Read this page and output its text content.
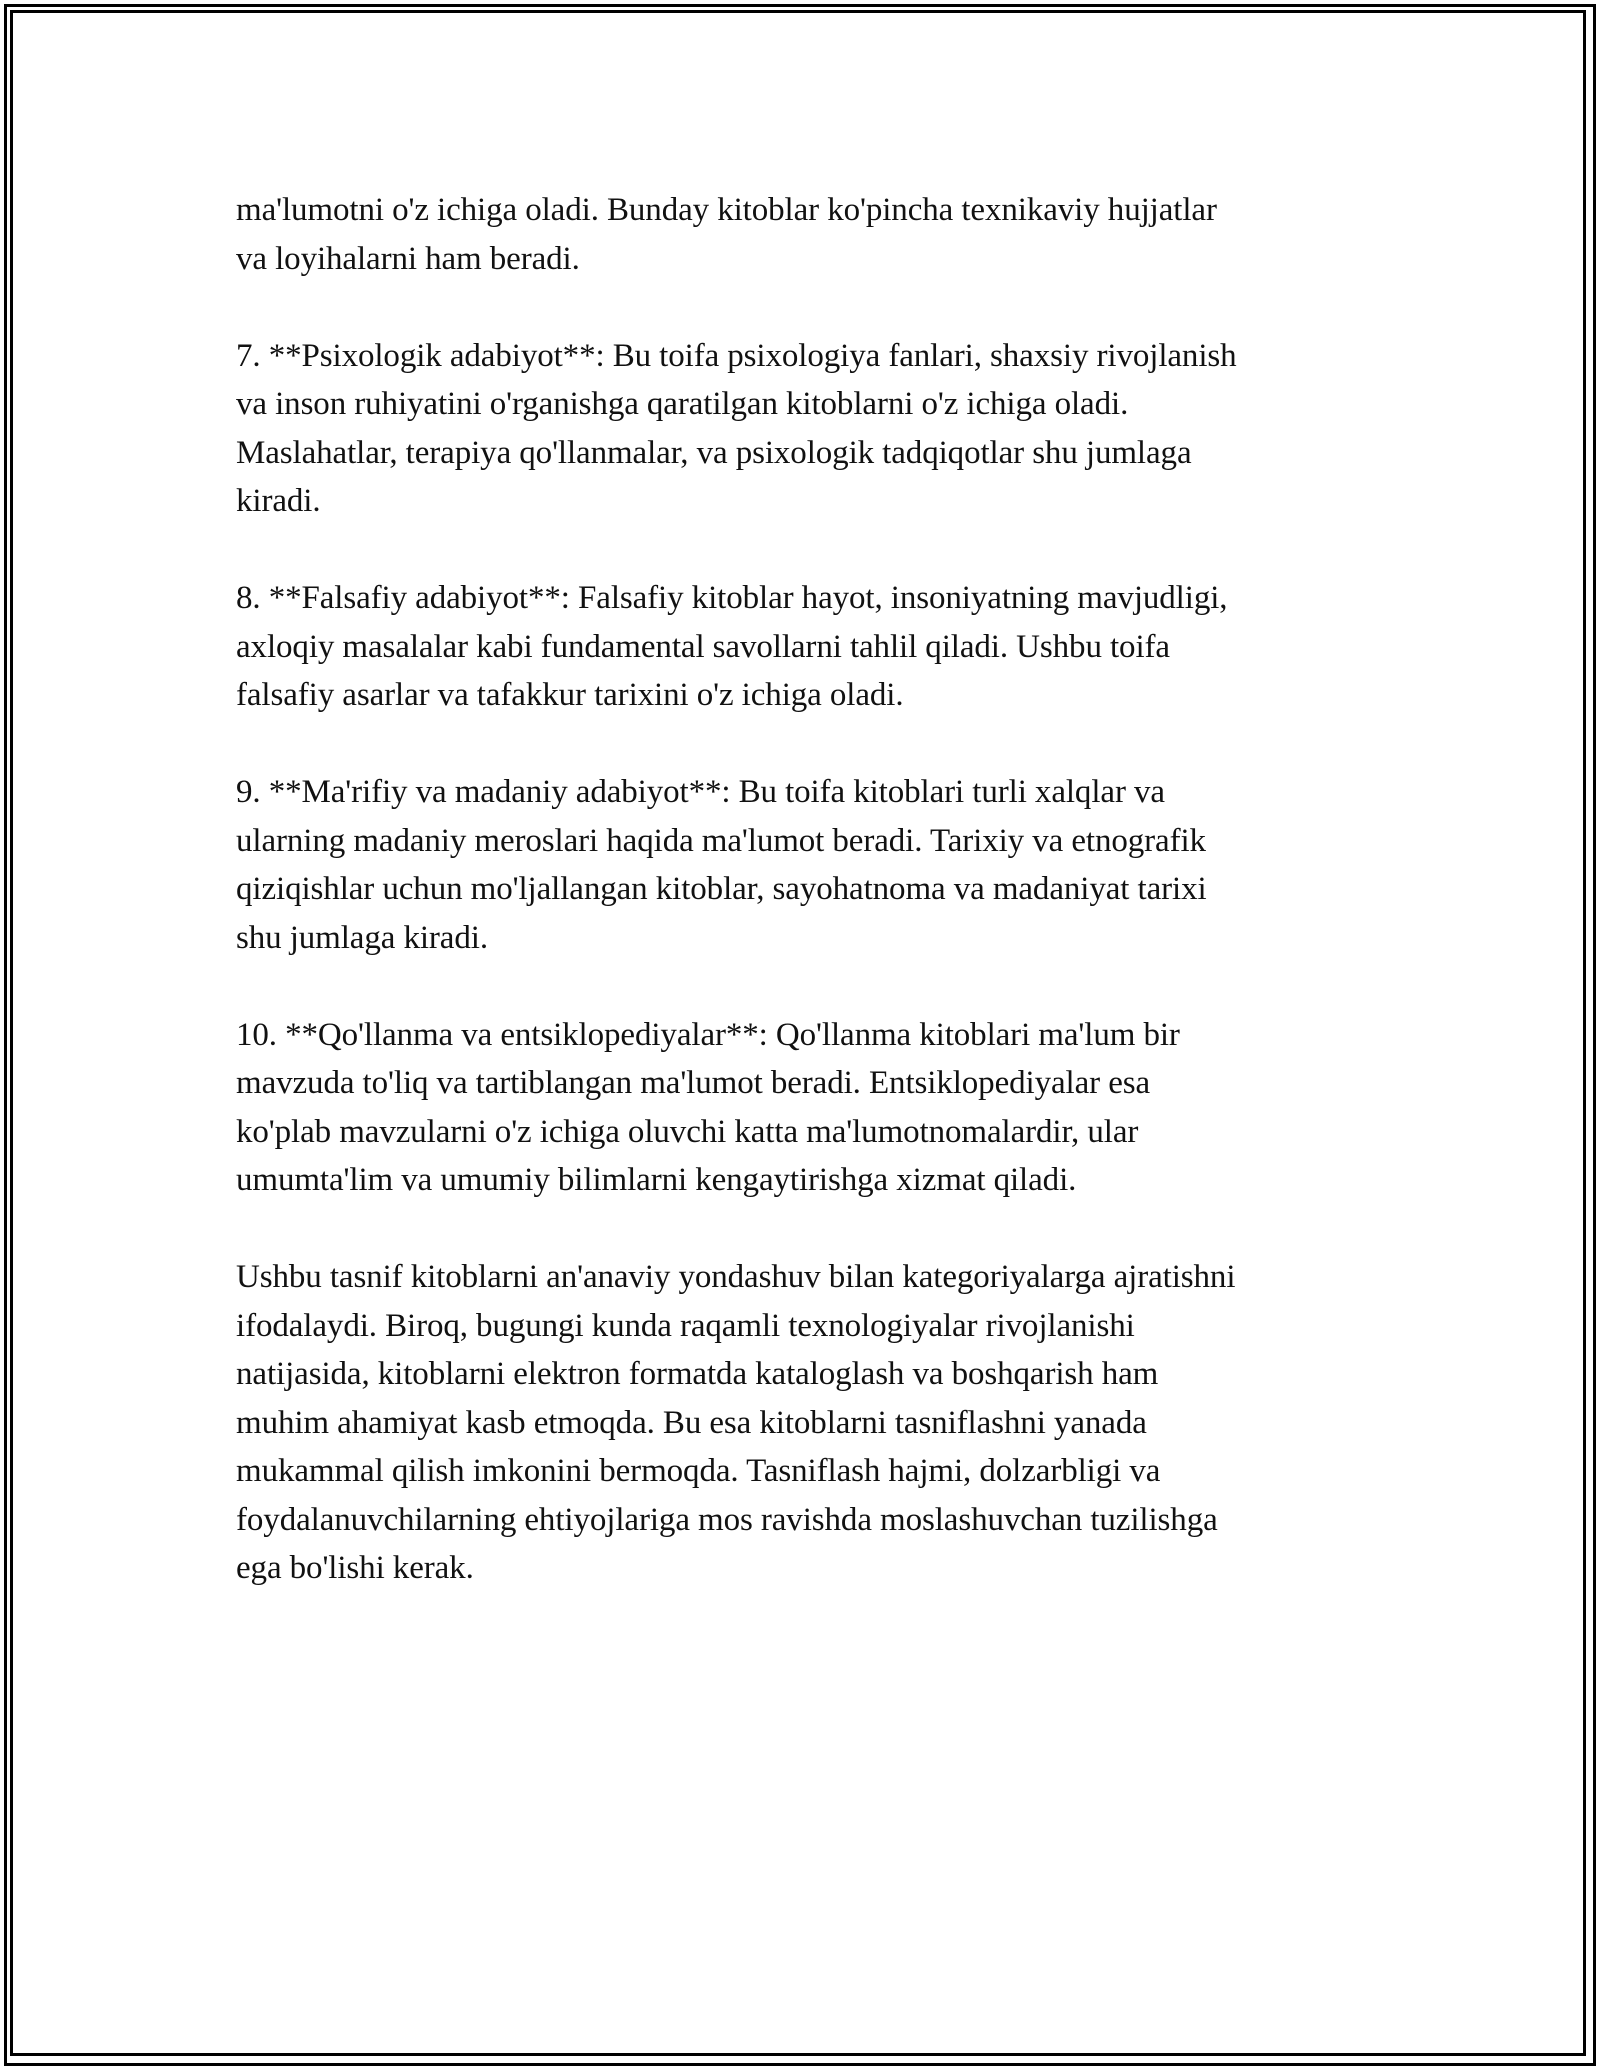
ma'lumotni o'z ichiga oladi. Bunday kitoblar ko'pincha texnikaviy hujjatlar
va loyihalarni ham beradi.

7. **Psixologik adabiyot**: Bu toifa psixologiya fanlari, shaxsiy rivojlanish
va inson ruhiyatini o'rganishga qaratilgan kitoblarni o'z ichiga oladi.
Maslahatlar, terapiya qo'llanmalar, va psixologik tadqiqotlar shu jumlaga
kiradi.

8. **Falsafiy adabiyot**: Falsafiy kitoblar hayot, insoniyatning mavjudligi,
axloqiy masalalar kabi fundamental savollarni tahlil qiladi. Ushbu toifa
falsafiy asarlar va tafakkur tarixini o'z ichiga oladi.

9. **Ma'rifiy va madaniy adabiyot**: Bu toifa kitoblari turli xalqlar va
ularning madaniy meroslari haqida ma'lumot beradi. Tarixiy va etnografik
qiziqishlar uchun mo'ljallangan kitoblar, sayohatnoma va madaniyat tarixi
shu jumlaga kiradi.

10. **Qo'llanma va entsiklopediyalar**: Qo'llanma kitoblari ma'lum bir
mavzuda to'liq va tartiblangan ma'lumot beradi. Entsiklopediyalar esa
ko'plab mavzularni o'z ichiga oluvchi katta ma'lumotnomalardir, ular
umumta'lim va umumiy bilimlarni kengaytirishga xizmat qiladi.

Ushbu tasnif kitoblarni an'anaviy yondashuv bilan kategoriyalarga ajratishni
ifodalaydi. Biroq, bugungi kunda raqamli texnologiyalar rivojlanishi
natijasida, kitoblarni elektron formatda kataloglash va boshqarish ham
muhim ahamiyat kasb etmoqda. Bu esa kitoblarni tasniflashni yanada
mukammal qilish imkonini bermoqda. Tasniflash hajmi, dolzarbligi va
foydalanuvchilarning ehtiyojlariga mos ravishda moslashuvchan tuzilishga
ega bo'lishi kerak.
